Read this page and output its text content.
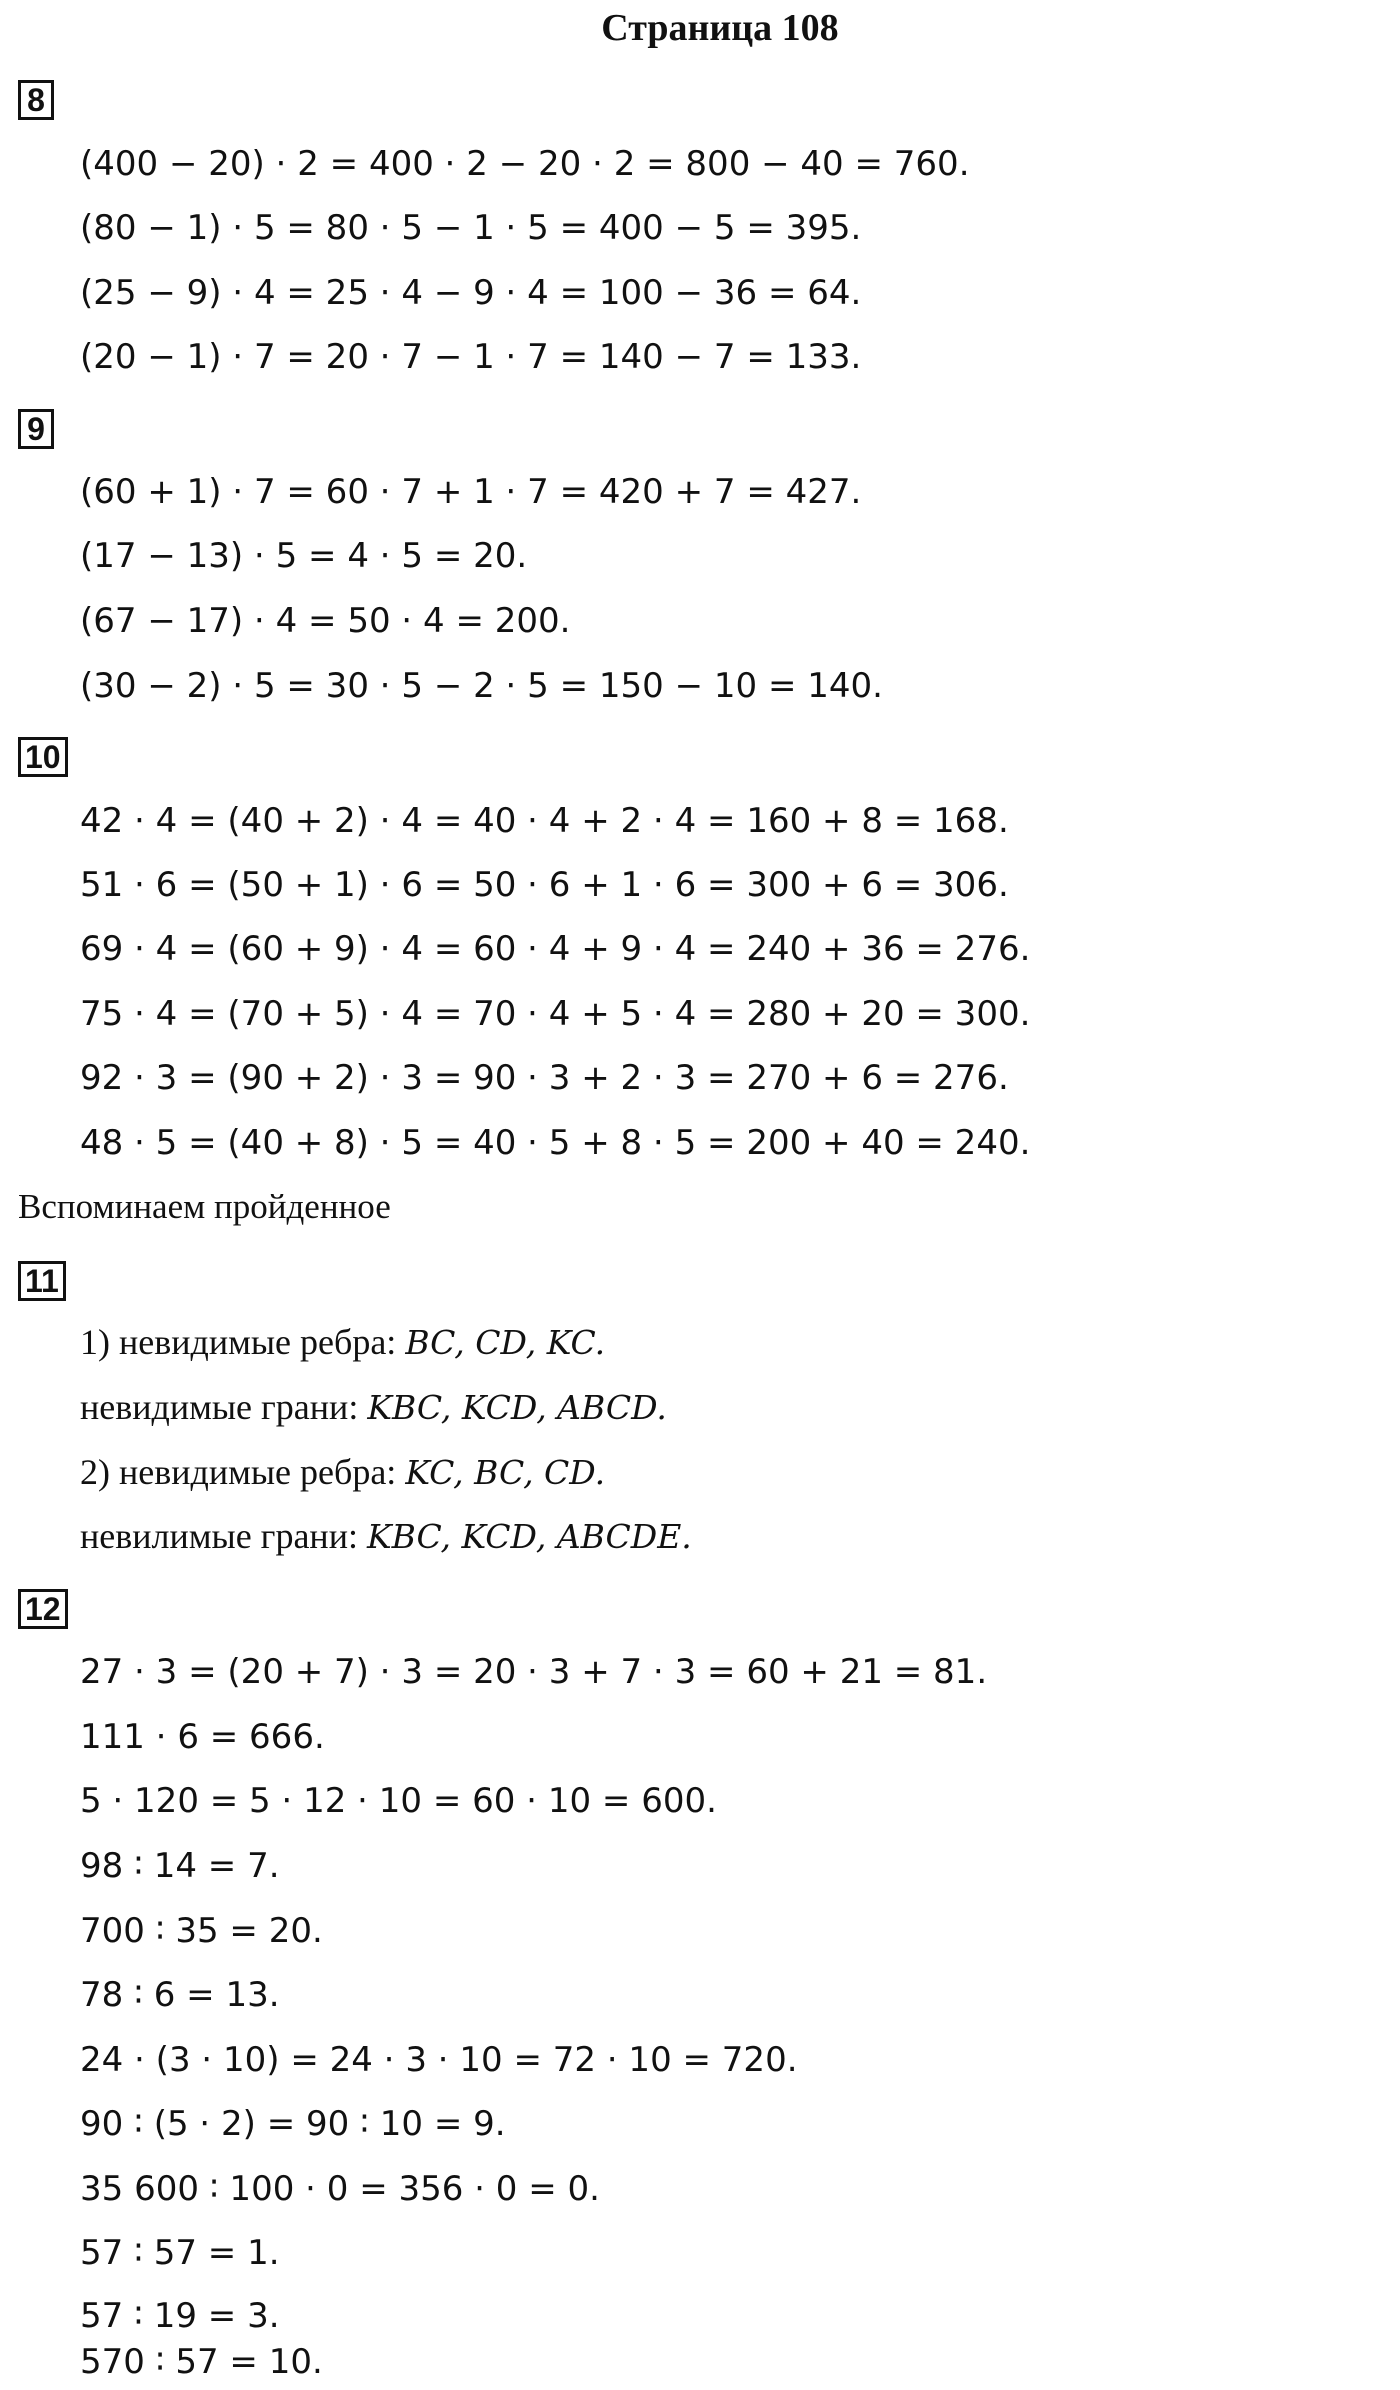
Страница 108
8
(400 − 20) ⋅ 2 = 400 ⋅ 2 − 20 ⋅ 2 = 800 − 40 = 760.
(80 − 1) ⋅ 5 = 80 ⋅ 5 − 1 ⋅ 5 = 400 − 5 = 395.
(25 − 9) ⋅ 4 = 25 ⋅ 4 − 9 ⋅ 4 = 100 − 36 = 64.
(20 − 1) ⋅ 7 = 20 ⋅ 7 − 1 ⋅ 7 = 140 − 7 = 133.
9
(60 + 1) ⋅ 7 = 60 ⋅ 7 + 1 ⋅ 7 = 420 + 7 = 427.
(17 − 13) ⋅ 5 = 4 ⋅ 5 = 20.
(67 − 17) ⋅ 4 = 50 ⋅ 4 = 200.
(30 − 2) ⋅ 5 = 30 ⋅ 5 − 2 ⋅ 5 = 150 − 10 = 140.
10
42 ⋅ 4 = (40 + 2) ⋅ 4 = 40 ⋅ 4 + 2 ⋅ 4 = 160 + 8 = 168.
51 ⋅ 6 = (50 + 1) ⋅ 6 = 50 ⋅ 6 + 1 ⋅ 6 = 300 + 6 = 306.
69 ⋅ 4 = (60 + 9) ⋅ 4 = 60 ⋅ 4 + 9 ⋅ 4 = 240 + 36 = 276.
75 ⋅ 4 = (70 + 5) ⋅ 4 = 70 ⋅ 4 + 5 ⋅ 4 = 280 + 20 = 300.
92 ⋅ 3 = (90 + 2) ⋅ 3 = 90 ⋅ 3 + 2 ⋅ 3 = 270 + 6 = 276.
48 ⋅ 5 = (40 + 8) ⋅ 5 = 40 ⋅ 5 + 8 ⋅ 5 = 200 + 40 = 240.
Вспоминаем пройденное
11
1) невидимые ребра: BC, CD, KC.
невидимые грани: KBC, KCD, ABCD.
2) невидимые ребра: KC, BC, CD.
невилимые грани: KBC, KCD, ABCDE.
12
27 ⋅ 3 = (20 + 7) ⋅ 3 = 20 ⋅ 3 + 7 ⋅ 3 = 60 + 21 = 81.
111 ⋅ 6 = 666.
5 ⋅ 120 = 5 ⋅ 12 ⋅ 10 = 60 ⋅ 10 = 600.
98 ∶ 14 = 7.
700 ∶ 35 = 20.
78 ∶ 6 = 13.
24 ⋅ (3 ⋅ 10) = 24 ⋅ 3 ⋅ 10 = 72 ⋅ 10 = 720.
90 ∶ (5 ⋅ 2) = 90 ∶ 10 = 9.
35 600 ∶ 100 ⋅ 0 = 356 ⋅ 0 = 0.
57 ∶ 57 = 1.
57 ∶ 19 = 3.
570 ∶ 57 = 10.
